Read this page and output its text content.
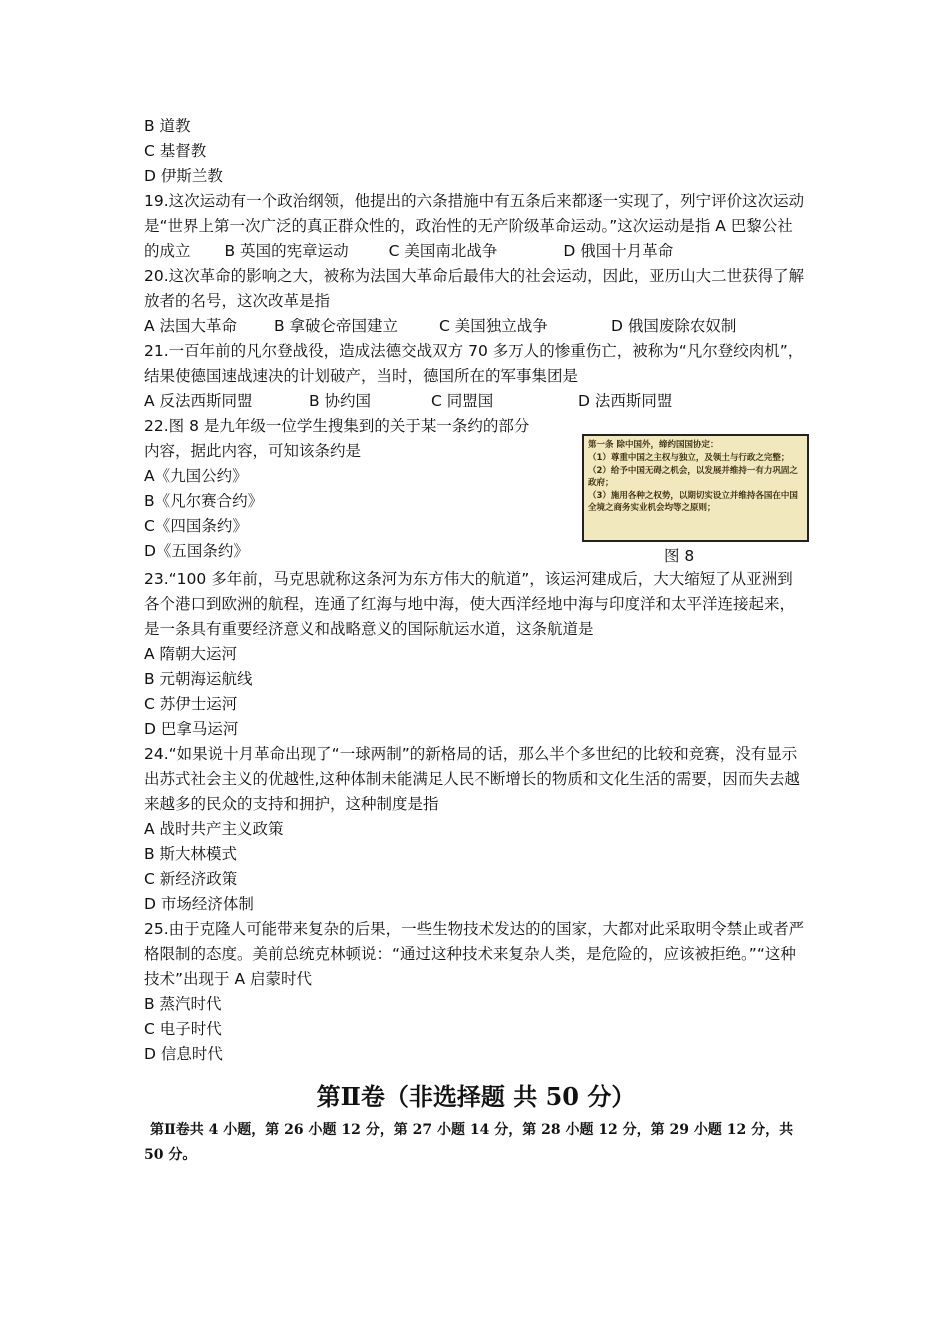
B 道教
C 基督教
D 伊斯兰教
19.这次运动有一个政治纲领，他提出的六条措施中有五条后来都逐一实现了，列宁评价这次运动是“世界上第一次广泛的真正群众性的，政治性的无产阶级革命运动。”这次运动是指 A 巴黎公社的成立 B 英国的宪章运动	C 美国南北战争	D 俄国十月革命
20.这次革命的影响之大，被称为法国大革命后最伟大的社会运动，因此，亚历山大二世获得了解放者的名号，这次改革是指
A 法国大革命 B 拿破仑帝国建立	C 美国独立战争	D 俄国废除农奴制
21.一百年前的凡尔登战役，造成法德交战双方 70 多万人的惨重伤亡，被称为“凡尔登绞肉机”，结果使德国速战速决的计划破产，当时，德国所在的军事集团是
A 反法西斯同盟	B 协约国	C 同盟国	D 法西斯同盟
22.图 8 是九年级一位学生搜集到的关于某一条约的部分
内容，据此内容，可知该条约是
A《九国公约》
B《凡尔赛合约》
C《四国条约》
D《五国条约》
第一条 除中国外，缔约国国协定：
（1）尊重中国之主权与独立，及领土与行政之完整；
（2）给予中国无碍之机会，以发展并维持一有力巩固之政府；
（3）施用各种之权势，以期切实设立并维持各国在中国全境之商务实业机会均等之原则；
图 8
23.“100 多年前，马克思就称这条河为东方伟大的航道”，该运河建成后，大大缩短了从亚洲到各个港口到欧洲的航程，连通了红海与地中海，使大西洋经地中海与印度洋和太平洋连接起来，是一条具有重要经济意义和战略意义的国际航运水道，这条航道是
A 隋朝大运河
B 元朝海运航线
C 苏伊士运河
D 巴拿马运河
24.“如果说十月革命出现了“一球两制”的新格局的话，那么半个多世纪的比较和竞赛，没有显示出苏式社会主义的优越性,这种体制未能满足人民不断增长的物质和文化生活的需要，因而失去越来越多的民众的支持和拥护，这种制度是指
A 战时共产主义政策
B 斯大林模式
C 新经济政策
D 市场经济体制
25.由于克隆人可能带来复杂的后果，一些生物技术发达的的国家，大都对此采取明令禁止或者严格限制的态度。美前总统克林顿说：“通过这种技术来复杂人类，是危险的，应该被拒绝。”“这种技术”出现于 A 启蒙时代
B 蒸汽时代
C 电子时代
D 信息时代
第Ⅱ卷（非选择题 共 50 分）
第Ⅱ卷共 4 小题，第 26 小题 12 分，第 27 小题 14 分，第 28 小题 12 分，第 29 小题 12 分，共 50 分。
